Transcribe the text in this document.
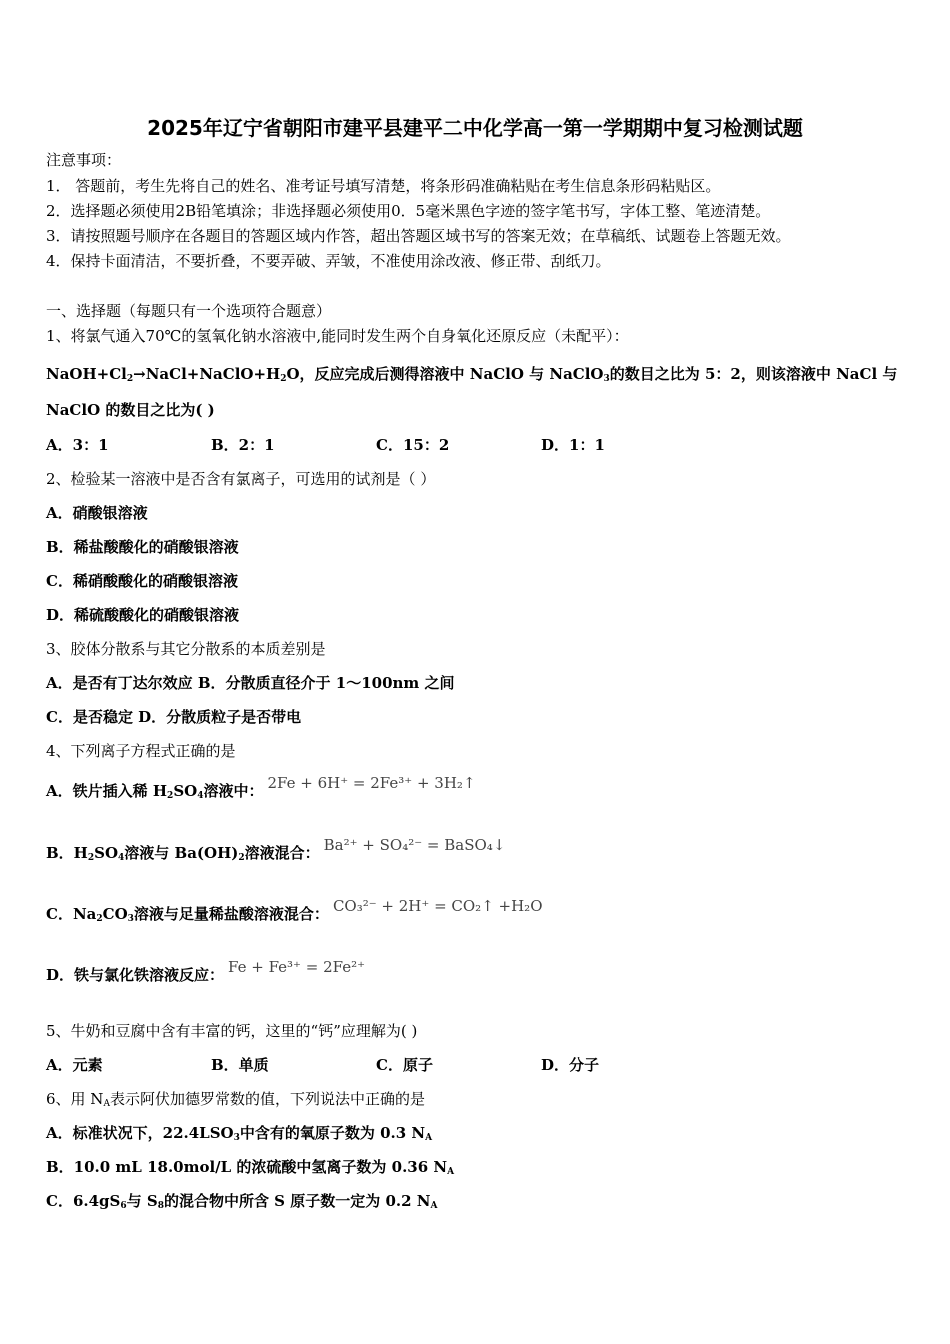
2025年辽宁省朝阳市建平县建平二中化学高一第一学期期中复习检测试题
注意事项：
1． 答题前，考生先将自己的姓名、准考证号填写清楚，将条形码准确粘贴在考生信息条形码粘贴区。
2．选择题必须使用2B铅笔填涂；非选择题必须使用0．5毫米黑色字迹的签字笔书写，字体工整、笔迹清楚。
3．请按照题号顺序在各题目的答题区域内作答，超出答题区域书写的答案无效；在草稿纸、试题卷上答题无效。
4．保持卡面清洁，不要折叠，不要弄破、弄皱，不准使用涂改液、修正带、刮纸刀。
一、选择题（每题只有一个选项符合题意）
1、将氯气通入70℃的氢氧化钠水溶液中,能同时发生两个自身氧化还原反应（未配平）：
$NaOH+Cl_2\to NaCl+NaClO+H_2O$，反应完成后测得溶液中 NaClO 与 NaClO$_3$的数目之比为 5：2，则该溶液中 NaCl 与
NaClO 的数目之比为( )
A．3：1	B．2：1	C．15：2	D．1：1
2、检验某一溶液中是否含有氯离子，可选用的试剂是（ ）
A．硝酸银溶液
B．稀盐酸酸化的硝酸银溶液
C．稀硝酸酸化的硝酸银溶液
D．稀硫酸酸化的硝酸银溶液
3、胶体分散系与其它分散系的本质差别是
A．是否有丁达尔效应 B．分散质直径介于 1～100nm 之间
C．是否稳定 D．分散质粒子是否带电
4、下列离子方程式正确的是
A．铁片插入稀 $H_2SO_4$溶液中： 2Fe + 6H⁺ = 2Fe³⁺ + 3H₂↑
B．$H_2SO_4$溶液与 $Ba(OH)_2$溶液混合： Ba²⁺ + SO₄²⁻ = BaSO₄↓
C．$Na_2CO_3$溶液与足量稀盐酸溶液混合： CO₃²⁻ + 2H⁺ = CO₂↑ +H₂O
D．铁与氯化铁溶液反应： Fe + Fe³⁺ = 2Fe²⁺
5、牛奶和豆腐中含有丰富的钙，这里的“钙”应理解为( )
A．元素	B．单质	C．原子	D．分子
6、用 $N_A$表示阿伏加德罗常数的值，下列说法中正确的是
A．标准状况下，$22.4LSO_3$中含有的氧原子数为 0.3 $N_A$
B．10.0 mL 18.0mol/L 的浓硫酸中氢离子数为 0.36 $N_A$
C．$6.4gS_6$与 $S_8$的混合物中所含 S 原子数一定为 0.2 $N_A$
